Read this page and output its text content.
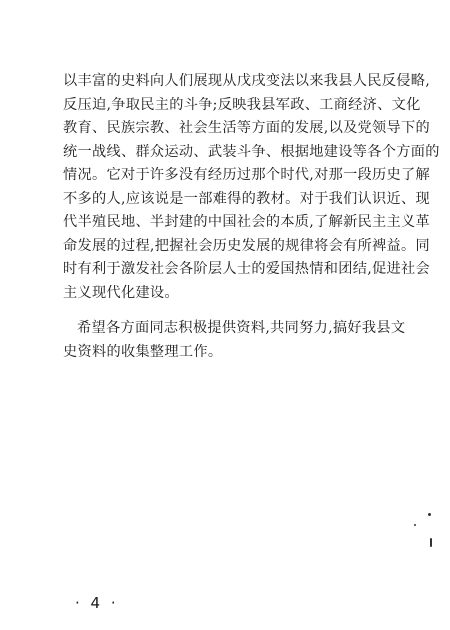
以丰富的史料向人们展现从戊戌变法以来我县人民反侵略,
反压迫,争取民主的斗争;反映我县军政、工商经济、文化
教育、民族宗教、社会生活等方面的发展,以及党领导下的
统一战线、群众运动、武装斗争、根据地建设等各个方面的
情况。它对于许多没有经历过那个时代,对那一段历史了解
不多的人,应该说是一部难得的教材。对于我们认识近、现
代半殖民地、半封建的中国社会的本质,了解新民主主义革
命发展的过程,把握社会历史发展的规律将会有所裨益。同
时有利于激发社会各阶层人士的爱国热情和团结,促进社会
主义现代化建设。
希望各方面同志积极提供资料,共同努力,搞好我县文
史资料的收集整理工作。
· 4 ·
